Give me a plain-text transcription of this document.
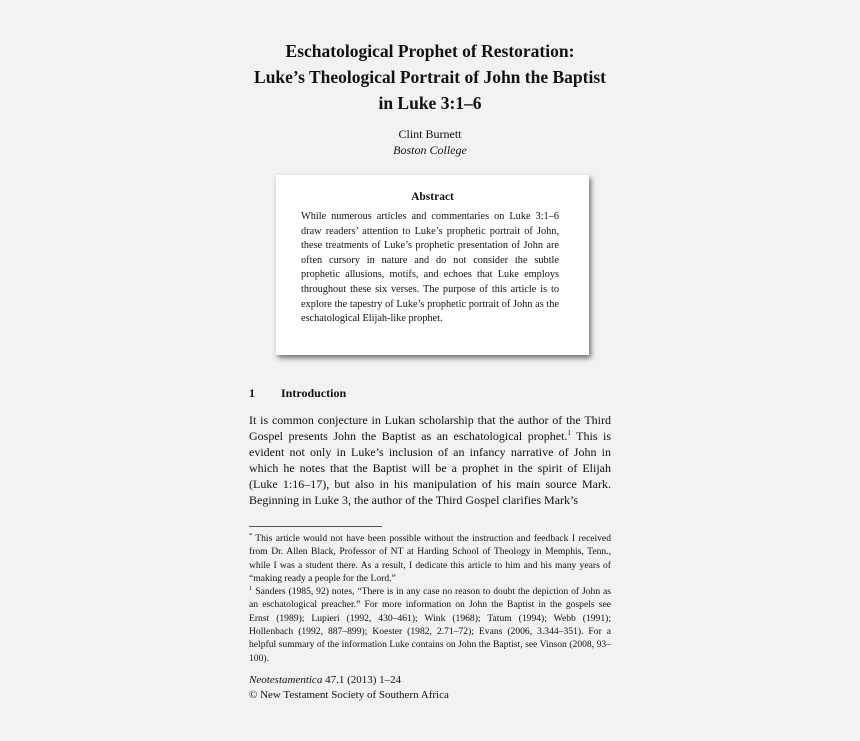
Eschatological Prophet of Restoration:
Luke’s Theological Portrait of John the Baptist
in Luke 3:1–6
Clint Burnett
Boston College
Abstract
While numerous articles and commentaries on Luke 3:1–6 draw readers’ attention to Luke’s prophetic portrait of John, these treatments of Luke’s prophetic presentation of John are often cursory in nature and do not consider the subtle prophetic allusions, motifs, and echoes that Luke employs throughout these six verses. The purpose of this article is to explore the tapestry of Luke’s prophetic portrait of John as the eschatological Elijah-like prophet.
1 Introduction
It is common conjecture in Lukan scholarship that the author of the Third Gospel presents John the Baptist as an eschatological prophet.$^1$ This is evident not only in Luke’s inclusion of an infancy narrative of John in which he notes that the Baptist will be a prophet in the spirit of Elijah (Luke 1:16–17), but also in his manipulation of his main source Mark. Beginning in Luke 3, the author of the Third Gospel clarifies Mark’s

* This article would not have been possible without the instruction and feedback I received from Dr. Allen Black, Professor of NT at Harding School of Theology in Memphis, Tenn., while I was a student there. As a result, I dedicate this article to him and his many years of “making ready a people for the Lord.”

$^1$ Sanders (1985, 92) notes, “There is in any case no reason to doubt the depiction of John as an eschatological preacher.” For more information on John the Baptist in the gospels see Ernst (1989); Lupieri (1992, 430–461); Wink (1968); Tatum (1994); Webb (1991); Hollenbach (1992, 887–899); Koester (1982, 2.71–72); Evans (2006, 3.344–351). For a helpful summary of the information Luke contains on John the Baptist, see Vinson (2008, 93–100).

Neotestamentica 47.1 (2013) 1–24
© New Testament Society of Southern Africa
